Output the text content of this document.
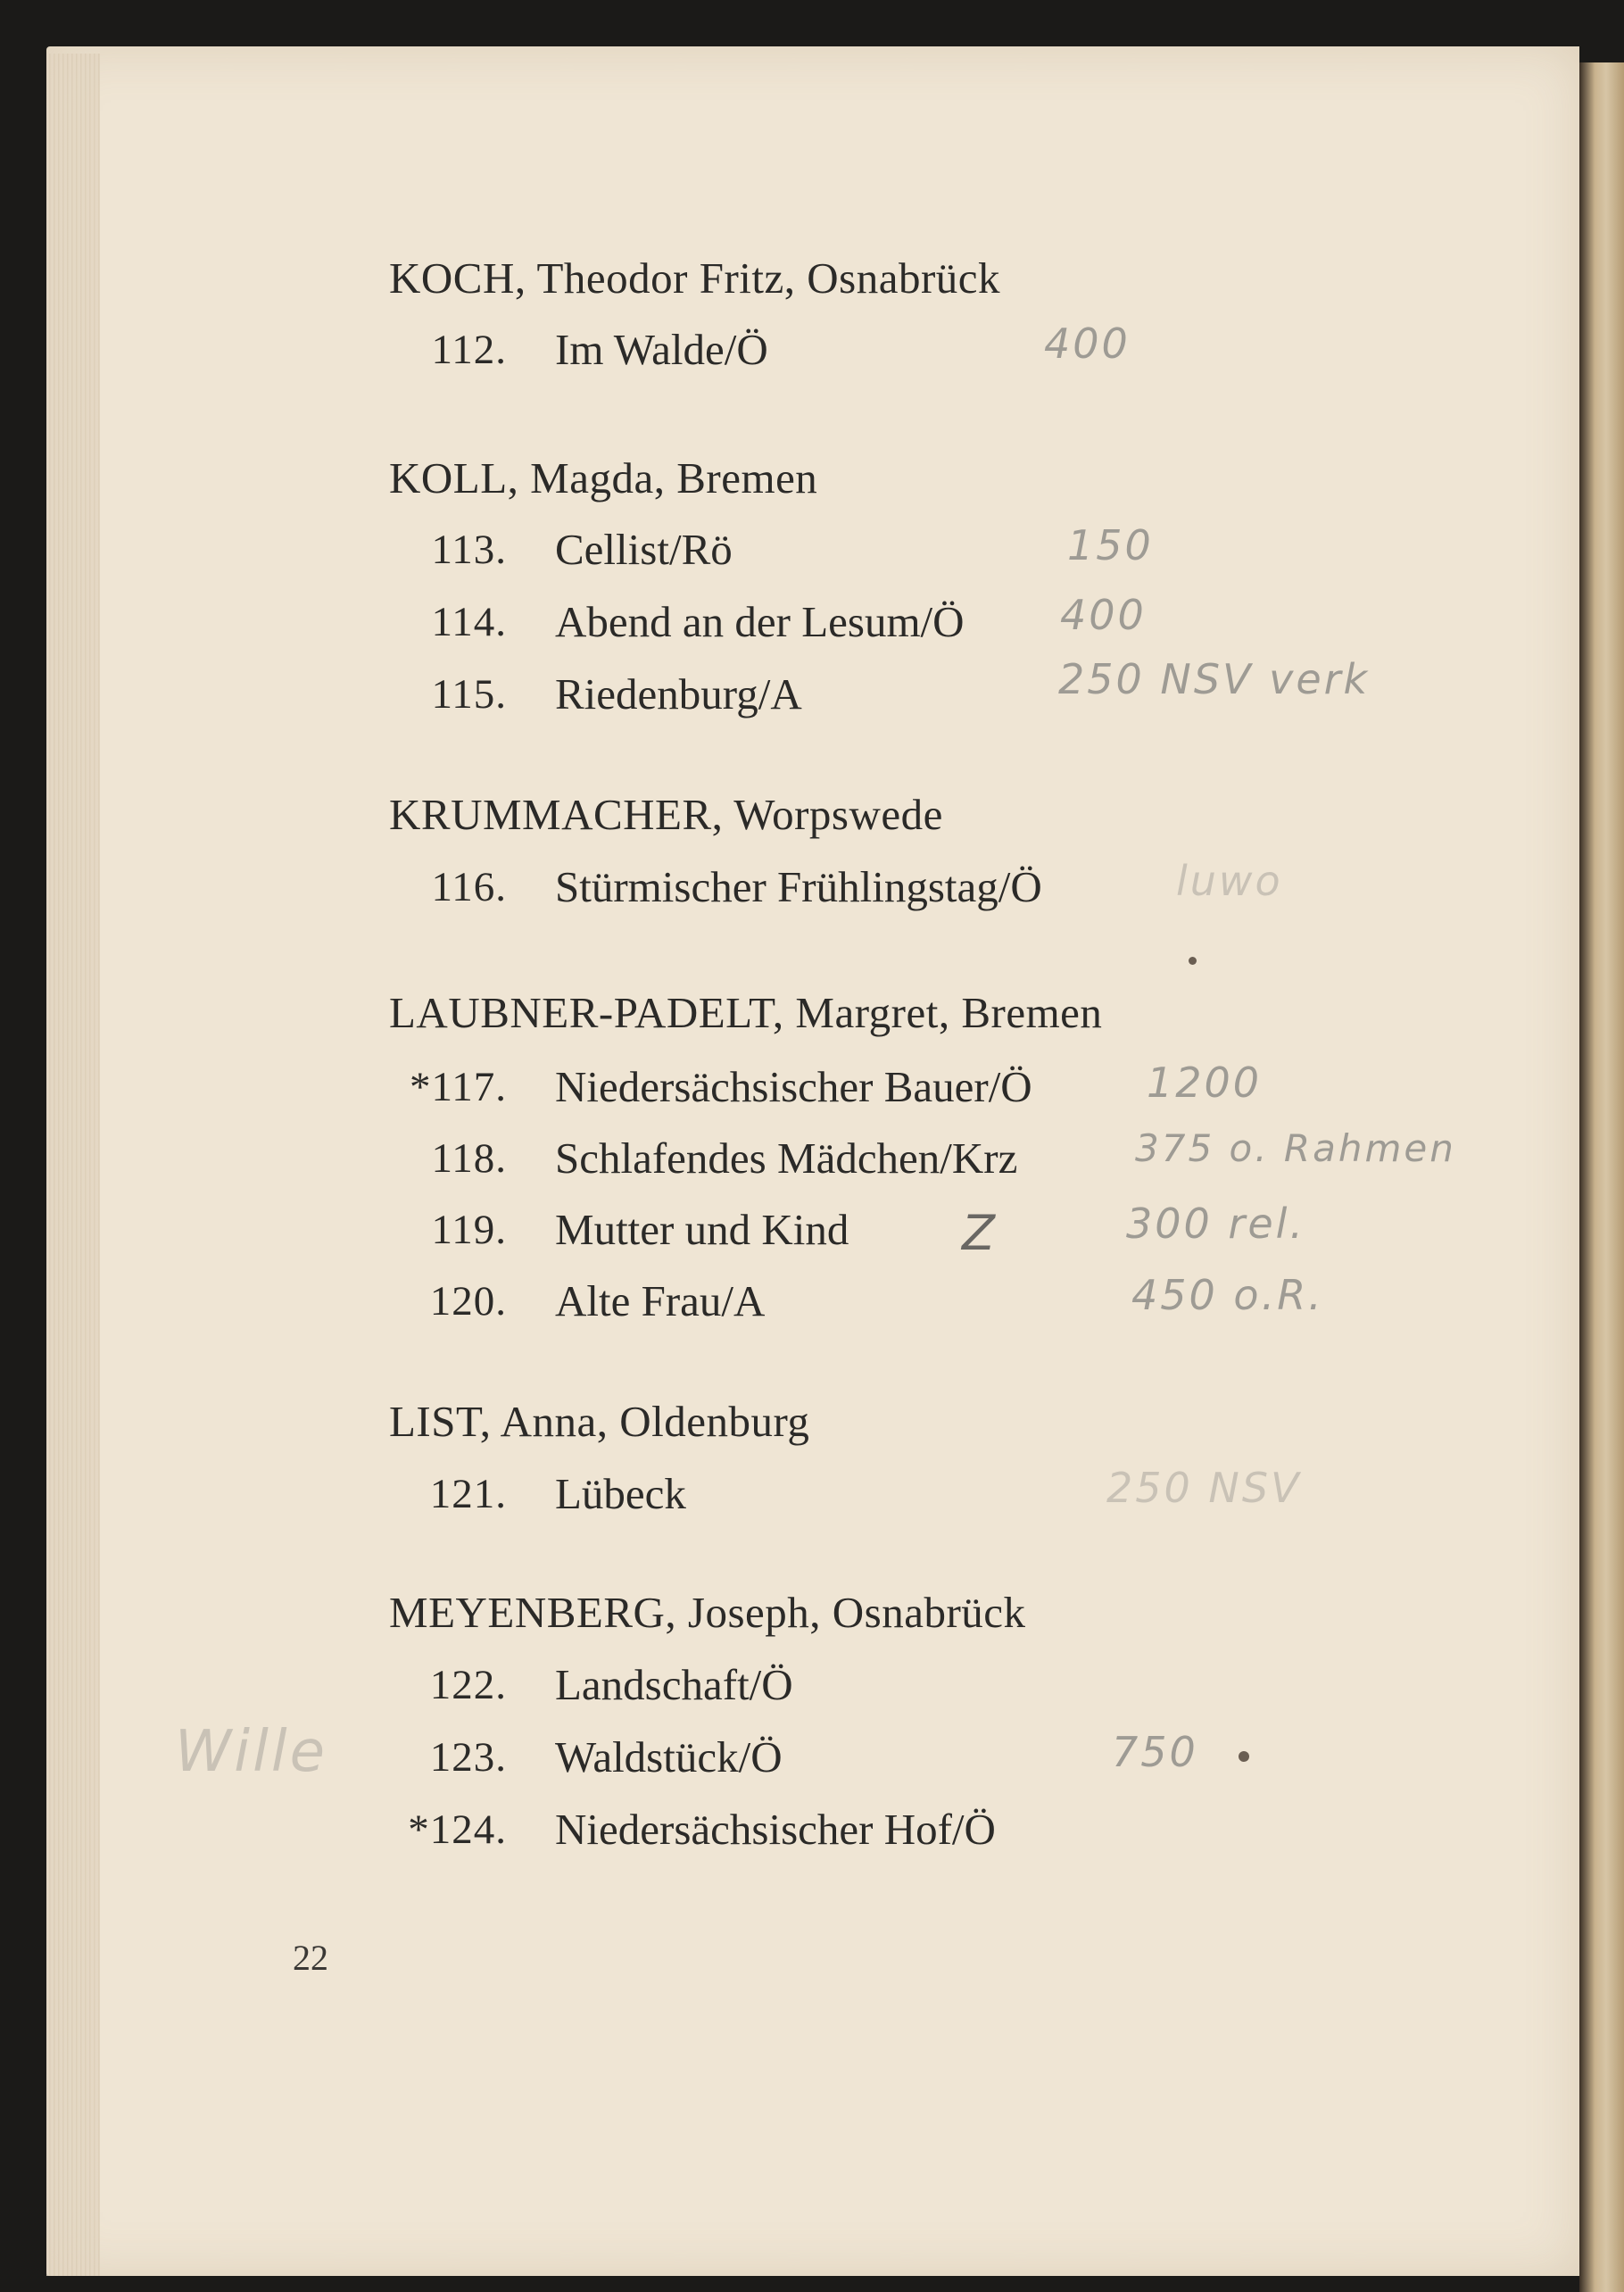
KOCH, Theodor Fritz, Osnabrück
112. Im Walde/Ö	400
KOLL, Magda, Bremen
113. Cellist/Rö	150
114. Abend an der Lesum/Ö 400
115. Riedenburg/A	250 NSV verk
KRUMMACHER, Worpswede
116. Stürmischer Frühlingstag/Ö	luwo
LAUBNER-PADELT, Margret, Bremen
*117. Niedersächsischer Bauer/Ö	1200
118. Schlafendes Mädchen/Krz	375 o. Rahmen
119. Mutter und Kind Z	300 rel.
120. Alte Frau/A	450 o.R.
LIST, Anna, Oldenburg
121. Lübeck	250 NSV
MEYENBERG, Joseph, Osnabrück
122. Landschaft/Ö
123. Waldstück/Ö	750
*124. Niedersächsischer Hof/Ö
Wille
22
